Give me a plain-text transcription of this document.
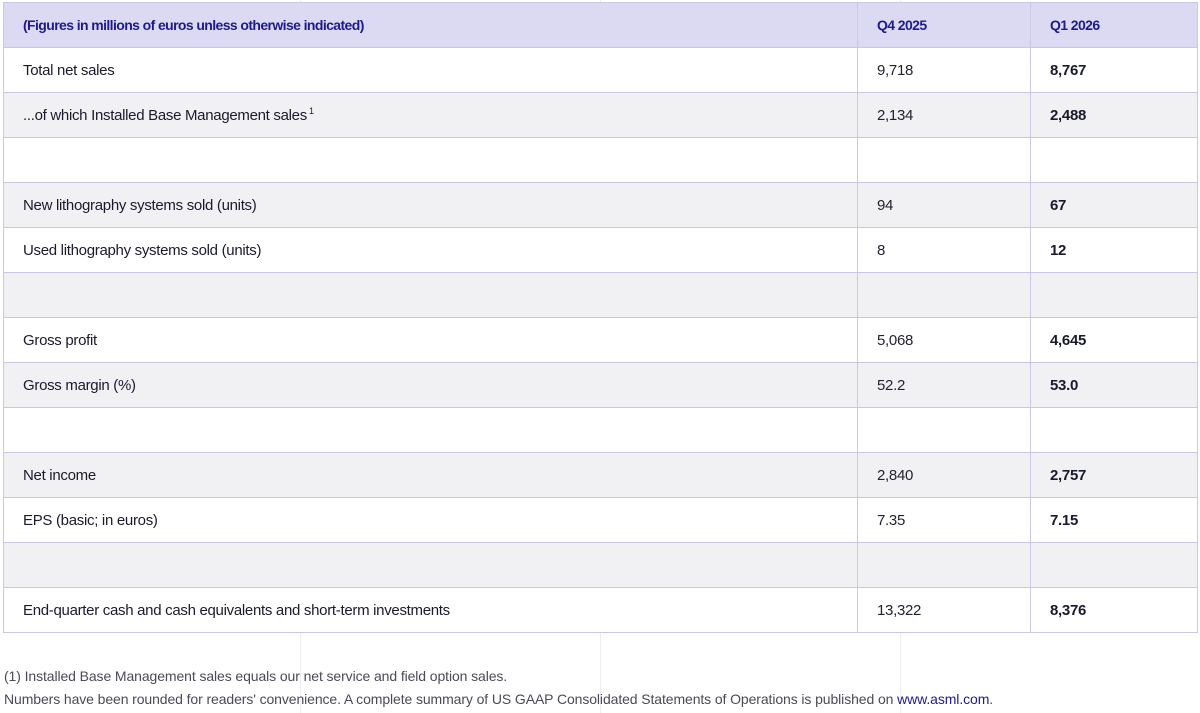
(Figures in millions of euros unless otherwise indicated)	Q4 2025	Q1 2026
Total net sales	9,718	8,767
...of which Installed Base Management sales $^1$	2,134	2,488

New lithography systems sold (units)	94	67
Used lithography systems sold (units)	8	12

Gross profit	5,068	4,645
Gross margin (%)	52.2	53.0

Net income	2,840	2,757
EPS (basic; in euros)	7.35	7.15

End-quarter cash and cash equivalents and short-term investments	13,322	8,376
(1) Installed Base Management sales equals our net service and field option sales.
Numbers have been rounded for readers' convenience. A complete summary of US GAAP Consolidated Statements of Operations is published on www.asml.com.
